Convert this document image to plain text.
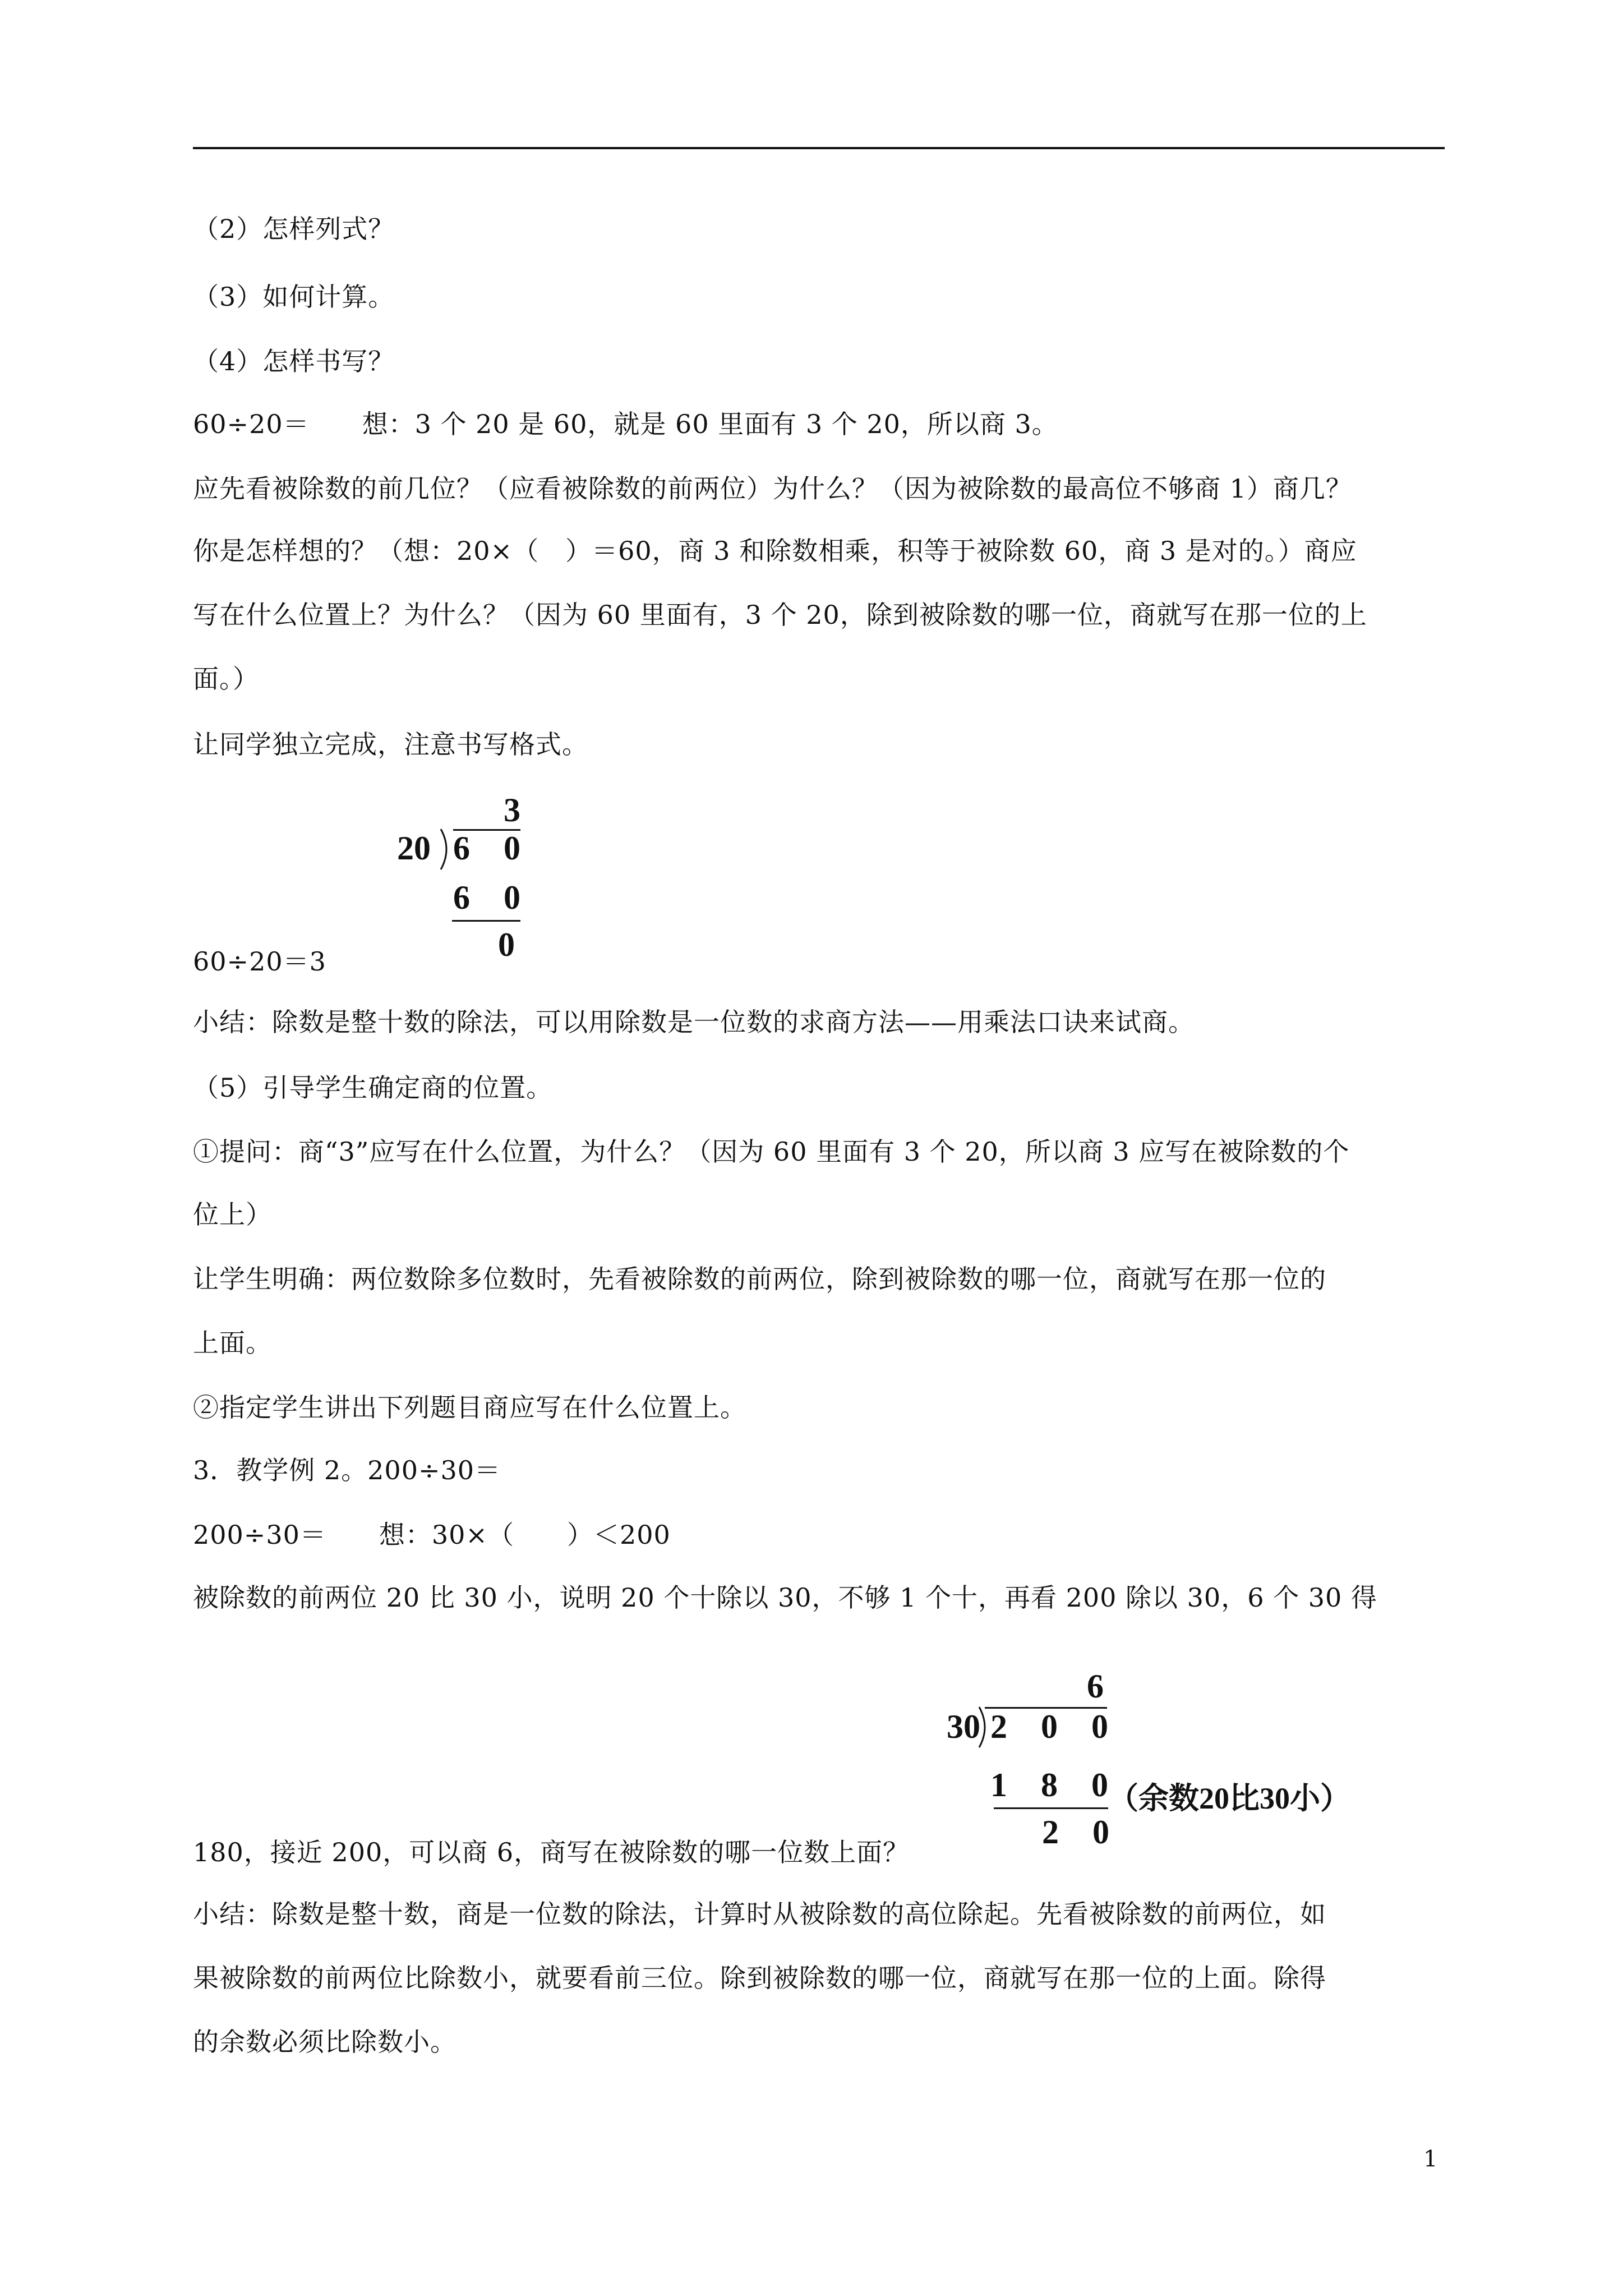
（2）怎样列式？
（3）如何计算。
（4）怎样书写？
60÷20＝　　想：3 个 20 是 60，就是 60 里面有 3 个 20，所以商 3。
应先看被除数的前几位？（应看被除数的前两位）为什么？（因为被除数的最高位不够商 1）商几？
你是怎样想的？（想：20×（　）＝60，商 3 和除数相乘，积等于被除数 60，商 3 是对的。）商应
写在什么位置上？为什么？（因为 60 里面有，3 个 20，除到被除数的哪一位，商就写在那一位的上
面。）
让同学独立完成，注意书写格式。
3
20 6　0
6　0
0
60÷20＝3
小结：除数是整十数的除法，可以用除数是一位数的求商方法——用乘法口诀来试商。
（5）引导学生确定商的位置。
①提问：商“3”应写在什么位置，为什么？（因为 60 里面有 3 个 20，所以商 3 应写在被除数的个
位上）
让学生明确：两位数除多位数时，先看被除数的前两位，除到被除数的哪一位，商就写在那一位的
上面。
②指定学生讲出下列题目商应写在什么位置上。
3．教学例 2。200÷30＝
200÷30＝　　想：30×（　　）＜200
被除数的前两位 20 比 30 小，说明 20 个十除以 30，不够 1 个十，再看 200 除以 30，6 个 30 得
6
30 2　0　0
1　8　0 （余数20比30小）
2　0
180，接近 200，可以商 6，商写在被除数的哪一位数上面？
小结：除数是整十数，商是一位数的除法，计算时从被除数的高位除起。先看被除数的前两位，如
果被除数的前两位比除数小，就要看前三位。除到被除数的哪一位，商就写在那一位的上面。除得
的余数必须比除数小。
1
